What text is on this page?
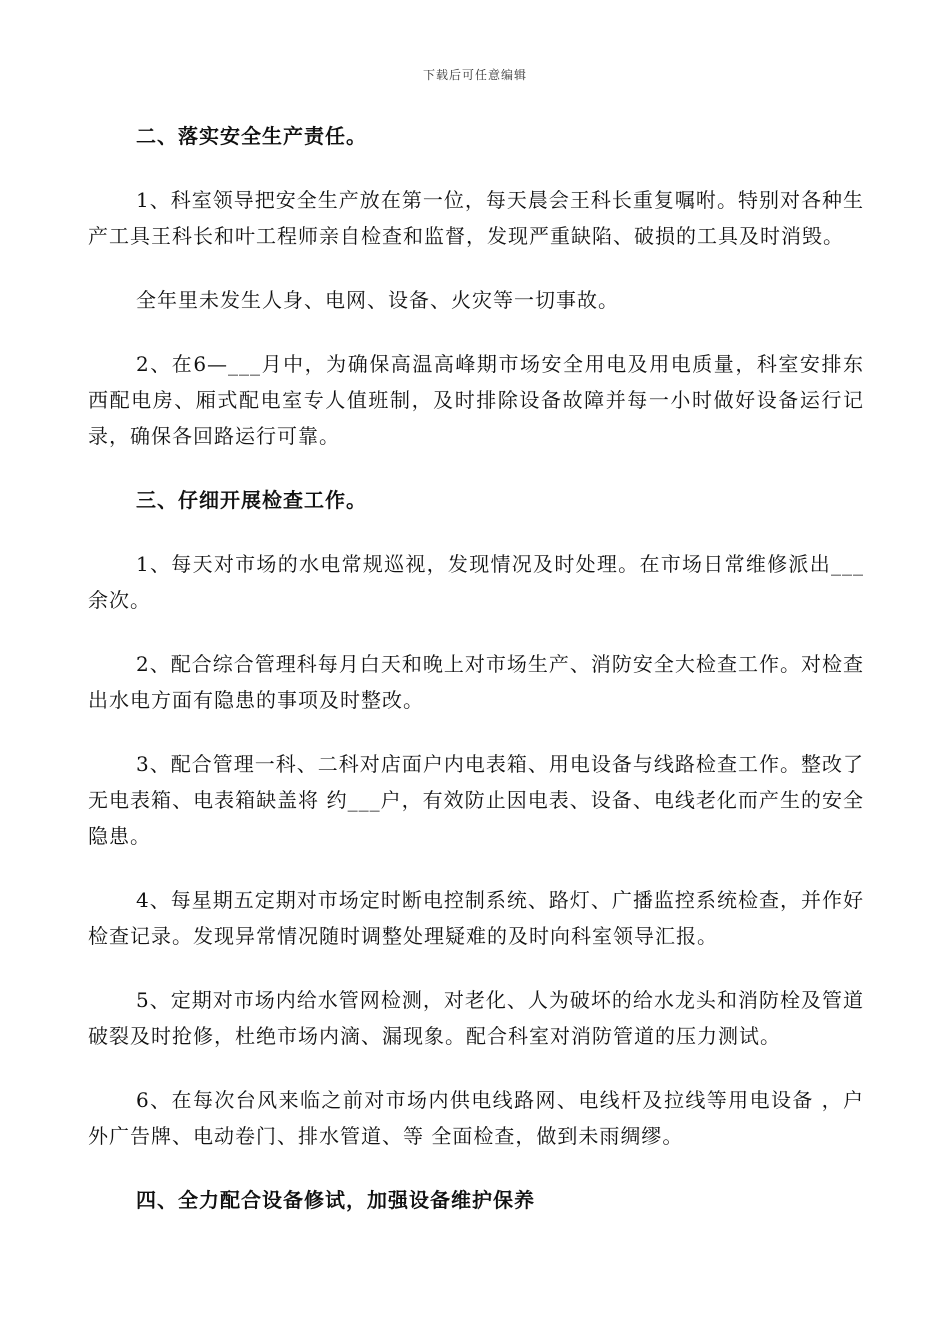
下载后可任意编辑

二、落实安全生产责任。

1、科室领导把安全生产放在第一位，每天晨会王科长重复嘱咐。特别对各种生产工具王科长和叶工程师亲自检查和监督，发现严重缺陷、破损的工具及时消毁。

全年里未发生人身、电网、设备、火灾等一切事故。

2、在6—___月中，为确保高温高峰期市场安全用电及用电质量，科室安排东西配电房、厢式配电室专人值班制，及时排除设备故障并每一小时做好设备运行记录，确保各回路运行可靠。

三、仔细开展检查工作。

1、每天对市场的水电常规巡视，发现情况及时处理。在市场日常维修派出___余次。

2、配合综合管理科每月白天和晚上对市场生产、消防安全大检查工作。对检查出水电方面有隐患的事项及时整改。

3、配合管理一科、二科对店面户内电表箱、用电设备与线路检查工作。整改了无电表箱、电表箱缺盖将 约___户，有效防止因电表、设备、电线老化而产生的安全隐患。

4、每星期五定期对市场定时断电控制系统、路灯、广播监控系统检查，并作好检查记录。发现异常情况随时调整处理疑难的及时向科室领导汇报。

5、定期对市场内给水管网检测，对老化、人为破坏的给水龙头和消防栓及管道破裂及时抢修，杜绝市场内滴、漏现象。配合科室对消防管道的压力测试。

6、在每次台风来临之前对市场内供电线路网、电线杆及拉线等用电设备 ，户外广告牌、电动卷门、排水管道、等 全面检查，做到未雨绸缪。

四、全力配合设备修试，加强设备维护保养
